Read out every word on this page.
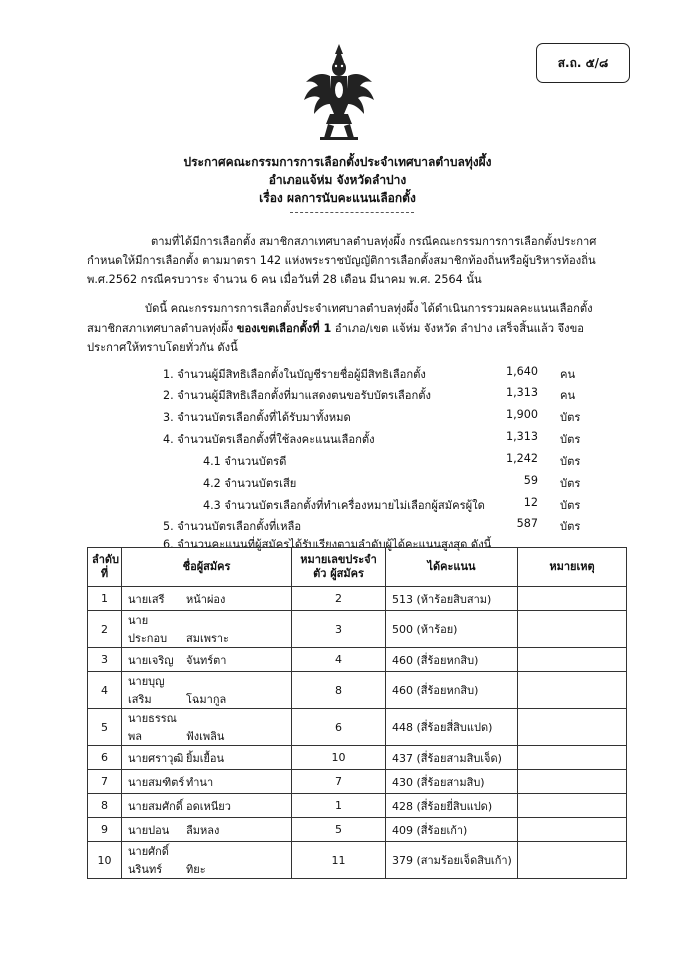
ส.ถ. ๕/๘
ประกาศคณะกรรมการการเลือกตั้งประจำเทศบาลตำบลทุ่งผึ้ง
อำเภอแจ้ห่ม จังหวัดลำปาง
เรื่อง ผลการนับคะแนนเลือกตั้ง
ตามที่ได้มีการเลือกตั้ง สมาชิกสภาเทศบาลตำบลทุ่งผึ้ง กรณีคณะกรรมการการเลือกตั้งประกาศ
กำหนดให้มีการเลือกตั้ง ตามมาตรา 142 แห่งพระราชบัญญัติการเลือกตั้งสมาชิกท้องถิ่นหรือผู้บริหารท้องถิ่น
พ.ศ.2562 กรณีครบวาระ จำนวน 6 คน เมื่อวันที่ 28 เดือน มีนาคม พ.ศ. 2564 นั้น
บัดนี้ คณะกรรมการการเลือกตั้งประจำเทศบาลตำบลทุ่งผึ้ง ได้ดำเนินการรวมผลคะแนนเลือกตั้ง
สมาชิกสภาเทศบาลตำบลทุ่งผึ้ง ของเขตเลือกตั้งที่ 1 อำเภอ/เขต แจ้ห่ม จังหวัด ลำปาง เสร็จสิ้นแล้ว จึงขอ
ประกาศให้ทราบโดยทั่วกัน ดังนี้
1. จำนวนผู้มีสิทธิเลือกตั้งในบัญชีรายชื่อผู้มีสิทธิเลือกตั้ง	1,640 คน
2. จำนวนผู้มีสิทธิเลือกตั้งที่มาแสดงตนขอรับบัตรเลือกตั้ง	1,313 คน
3. จำนวนบัตรเลือกตั้งที่ได้รับมาทั้งหมด	1,900 บัตร
4. จำนวนบัตรเลือกตั้งที่ใช้ลงคะแนนเลือกตั้ง	1,313 บัตร
4.1 จำนวนบัตรดี	1,242 บัตร
4.2 จำนวนบัตรเสีย	59 บัตร
4.3 จำนวนบัตรเลือกตั้งที่ทำเครื่องหมายไม่เลือกผู้สมัครผู้ใด	12 บัตร
5. จำนวนบัตรเลือกตั้งที่เหลือ	587 บัตร
6. จำนวนคะแนนที่ผู้สมัครได้รับเรียงตามลำดับผู้ได้คะแนนสูงสุด ดังนี้
ลำดับ ที่	ชื่อผู้สมัคร	หมายเลขประจำตัว ผู้สมัคร	ได้คะแนน	หมายเหตุ
1	นายเสรี หน้าผ่อง	2	513 (ห้าร้อยสิบสาม)	
2	นายประกอบ สมเพราะ	3	500 (ห้าร้อย)	
3	นายเจริญ จันทร์ตา	4	460 (สี่ร้อยหกสิบ)	
4	นายบุญเสริม โฉมากูล	8	460 (สี่ร้อยหกสิบ)	
5	นายธรรณพล ฟังเพลิน	6	448 (สี่ร้อยสี่สิบแปด)	
6	นายศราวุฒิ ยิ้มเยื้อน	10	437 (สี่ร้อยสามสิบเจ็ด)	
7	นายสมฑิตร์ ทำนา	7	430 (สี่ร้อยสามสิบ)	
8	นายสมศักดิ์ อดเหนียว	1	428 (สี่ร้อยยี่สิบแปด)	
9	นายปอน ลืมหลง	5	409 (สี่ร้อยเก้า)	
10	นายศักดิ์นรินทร์ ทิยะ	11	379 (สามร้อยเจ็ดสิบเก้า)	
